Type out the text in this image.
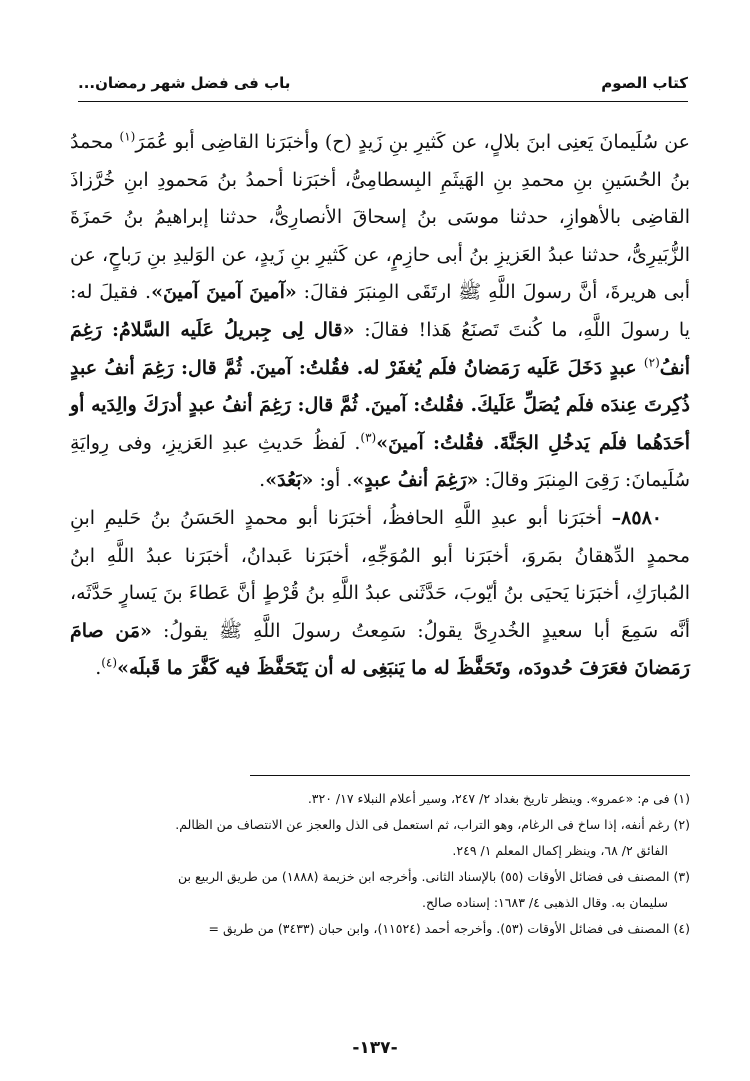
كتاب الصوم
باب فى فضل شهر رمضان...

عن سُلَيمانَ يَعنِى ابنَ بلالٍ، عن كَثيرِ بنِ زَيدٍ (ح) وأخبَرَنا القاضِى أبو عُمَرَ$^{(١)}$ محمدُ بنُ الحُسَينِ بنِ محمدِ بنِ الهَيثَمِ البِسطامِىُّ، أخبَرَنا أحمدُ بنُ مَحمودِ ابنِ خُرَّزاذَ القاضِى بالأهوازِ، حدثنا موسَى بنُ إسحاقَ الأنصارِىُّ، حدثنا إبراهيمُ بنُ حَمزَةَ الزُّبَيرِىُّ، حدثنا عبدُ العَزيزِ بنُ أبى حازِمٍ، عن كَثيرِ بنِ زَيدٍ، عن الوَليدِ بنِ رَباحٍ، عن أبى هريرةَ، أنَّ رسولَ اللَّهِ ﷺ ارتَقَى المِنبَرَ فقالَ: «آمينَ آمينَ آمينَ». فقيلَ له: يا رسولَ اللَّهِ، ما كُنتَ تَصنَعُ هَذا! فقالَ: «قال لِى جِبريلُ عَلَيه السَّلامُ: رَغِمَ أنفُ$^{(٢)}$ عبدٍ دَخَلَ عَلَيه رَمَضانُ فلَم يُغفَرْ له. فقُلتُ: آمينَ. ثُمَّ قال: رَغِمَ أنفُ عبدٍ ذُكِرتَ عِندَه فلَم يُصَلِّ عَلَيكَ. فقُلتُ: آمينَ. ثُمَّ قال: رَغِمَ أنفُ عبدٍ أدرَكَ والِدَيه أو أحَدَهُما فلَم يَدخُلِ الجَنَّةَ. فقُلتُ: آمينَ»$^{(٣)}$. لَفظُ حَديثِ عبدِ العَزيزِ، وفى رِوايَةِ سُلَيمانَ: رَقِىَ المِنبَرَ وقالَ: «رَغِمَ أنفُ عبدٍ». أو: «بَعُدَ».

٨٥٨٠– أخبَرَنا أبو عبدِ اللَّهِ الحافظُ، أخبَرَنا أبو محمدٍ الحَسَنُ بنُ حَليمِ ابنِ محمدٍ الدِّهقانُ بمَروَ، أخبَرَنا أبو المُوَجِّهِ، أخبَرَنا عَبدانُ، أخبَرَنا عبدُ اللَّهِ ابنُ المُبارَكِ، أخبَرَنا يَحيَى بنُ أيّوبَ، حَدَّثَنى عبدُ اللَّهِ بنُ قُرْطٍ أنَّ عَطاءَ بنَ يَسارٍ حَدَّثَه، أنَّه سَمِعَ أبا سعيدٍ الخُدرِىَّ يقولُ: سَمِعتُ رسولَ اللَّهِ ﷺ يقولُ: «مَن صامَ رَمَضانَ فعَرَفَ حُدودَه، وتَحَفَّظَ له ما يَنبَغِى له أن يَتَحَفَّظَ فيه كَفَّرَ ما قَبلَه»$^{(٤)}$.

(١) فى م: «عمرو». وينظر تاريخ بغداد ٢/ ٢٤٧، وسير أعلام النبلاء ١٧/ ٣٢٠.

(٢) رغم أنفه، إذا ساخ فى الرغام، وهو التراب، ثم استعمل فى الذل والعجز عن الانتصاف من الظالم.

الفائق ٢/ ٦٨، وينظر إكمال المعلم ١/ ٢٤٩.

(٣) المصنف فى فضائل الأوقات (٥٥) بالإسناد الثانى. وأخرجه ابن خزيمة (١٨٨٨) من طريق الربيع بن

سليمان به. وقال الذهبى ٤/ ١٦٨٣: إسناده صالح.

(٤) المصنف فى فضائل الأوقات (٥٣). وأخرجه أحمد (١١٥٢٤)، وابن حبان (٣٤٣٣) من طريق =

-١٣٧-
